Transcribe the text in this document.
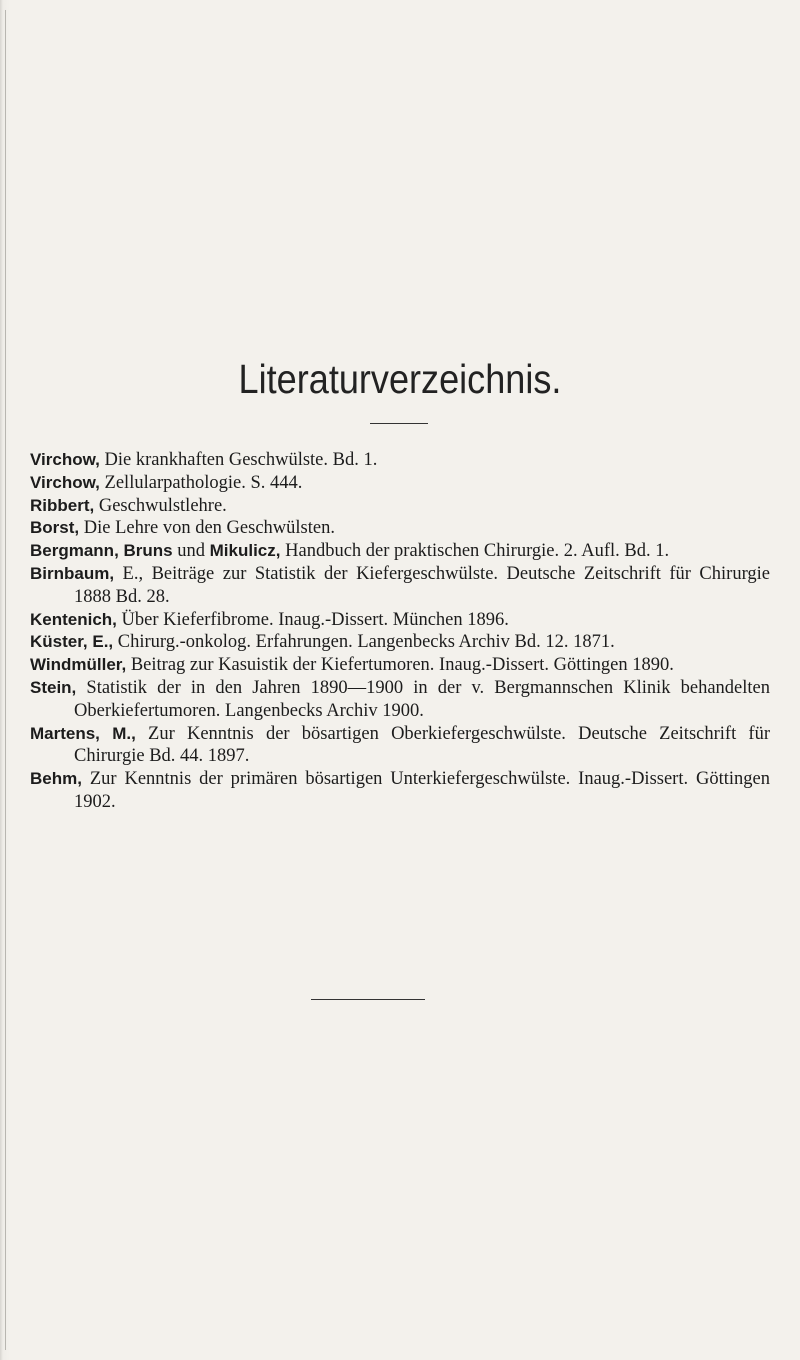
Literaturverzeichnis.
Virchow, Die krankhaften Geschwülste. Bd. 1.
Virchow, Zellularpathologie. S. 444.
Ribbert, Geschwulstlehre.
Borst, Die Lehre von den Geschwülsten.
Bergmann, Bruns und Mikulicz, Handbuch der praktischen Chirurgie. 2. Aufl. Bd. 1.
Birnbaum, E., Beiträge zur Statistik der Kiefergeschwülste. Deutsche Zeitschrift für Chirurgie 1888 Bd. 28.
Kentenich, Über Kieferfibrome. Inaug.-Dissert. München 1896.
Küster, E., Chirurg.-onkolog. Erfahrungen. Langenbecks Archiv Bd. 12. 1871.
Windmüller, Beitrag zur Kasuistik der Kiefertumoren. Inaug.-Dissert. Göttingen 1890.
Stein, Statistik der in den Jahren 1890—1900 in der v. Bergmannschen Klinik behandelten Oberkiefertumoren. Langenbecks Archiv 1900.
Martens, M., Zur Kenntnis der bösartigen Oberkiefergeschwülste. Deutsche Zeitschrift für Chirurgie Bd. 44. 1897.
Behm, Zur Kenntnis der primären bösartigen Unterkiefergeschwülste. Inaug.-Dissert. Göttingen 1902.
